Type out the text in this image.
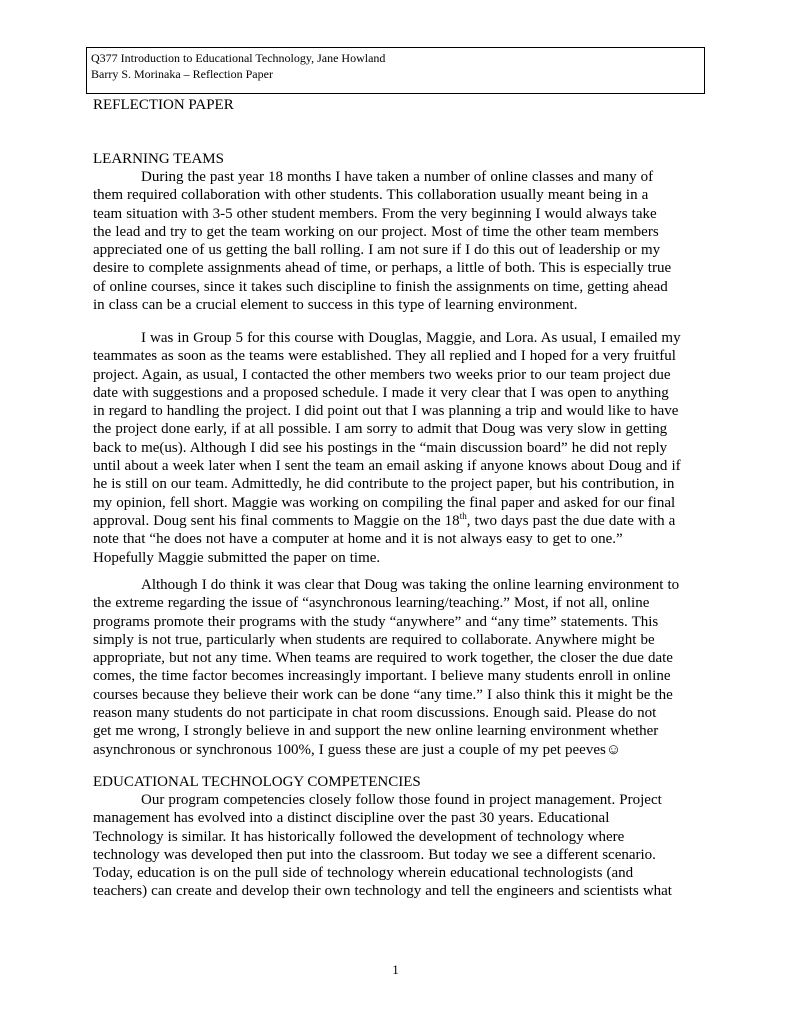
Q377 Introduction to Educational Technology, Jane Howland
Barry S. Morinaka – Reflection Paper
REFLECTION PAPER
LEARNING TEAMS
During the past year 18 months I have taken a number of online classes and many of
them required collaboration with other students. This collaboration usually meant being in a
team situation with 3-5 other student members. From the very beginning I would always take
the lead and try to get the team working on our project. Most of time the other team members
appreciated one of us getting the ball rolling. I am not sure if I do this out of leadership or my
desire to complete assignments ahead of time, or perhaps, a little of both. This is especially true
of online courses, since it takes such discipline to finish the assignments on time, getting ahead
in class can be a crucial element to success in this type of learning environment.
I was in Group 5 for this course with Douglas, Maggie, and Lora. As usual, I emailed my
teammates as soon as the teams were established. They all replied and I hoped for a very fruitful
project. Again, as usual, I contacted the other members two weeks prior to our team project due
date with suggestions and a proposed schedule. I made it very clear that I was open to anything
in regard to handling the project. I did point out that I was planning a trip and would like to have
the project done early, if at all possible. I am sorry to admit that Doug was very slow in getting
back to me(us). Although I did see his postings in the “main discussion board” he did not reply
until about a week later when I sent the team an email asking if anyone knows about Doug and if
he is still on our team. Admittedly, he did contribute to the project paper, but his contribution, in
my opinion, fell short. Maggie was working on compiling the final paper and asked for our final
approval. Doug sent his final comments to Maggie on the 18th, two days past the due date with a
note that “he does not have a computer at home and it is not always easy to get to one.”
Hopefully Maggie submitted the paper on time.
Although I do think it was clear that Doug was taking the online learning environment to
the extreme regarding the issue of “asynchronous learning/teaching.” Most, if not all, online
programs promote their programs with the study “anywhere” and “any time” statements. This
simply is not true, particularly when students are required to collaborate. Anywhere might be
appropriate, but not any time. When teams are required to work together, the closer the due date
comes, the time factor becomes increasingly important. I believe many students enroll in online
courses because they believe their work can be done “any time.” I also think this it might be the
reason many students do not participate in chat room discussions. Enough said. Please do not
get me wrong, I strongly believe in and support the new online learning environment whether
asynchronous or synchronous 100%, I guess these are just a couple of my pet peeves☺
EDUCATIONAL TECHNOLOGY COMPETENCIES
Our program competencies closely follow those found in project management. Project
management has evolved into a distinct discipline over the past 30 years. Educational
Technology is similar. It has historically followed the development of technology where
technology was developed then put into the classroom. But today we see a different scenario.
Today, education is on the pull side of technology wherein educational technologists (and
teachers) can create and develop their own technology and tell the engineers and scientists what
1
